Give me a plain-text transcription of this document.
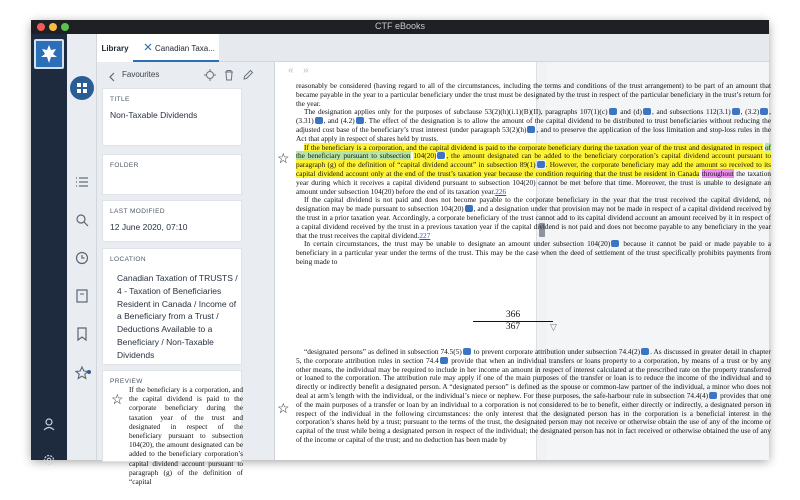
CTF eBooks
Library	Canadian Taxa...
Favourites
TITLE
Non-Taxable Dividends
FOLDER
LAST MODIFIED
12 June 2020, 07:10
LOCATION
Canadian Taxation of TRUSTS / 4 - Taxation of Beneficiaries Resident in Canada / Income of a Beneficiary from a Trust / Deductions Available to a Beneficiary / Non-Taxable Dividends
PREVIEW
☆
If the beneficiary is a corporation, and the capital dividend is paid to the corporate beneficiary during the taxation year of the trust and designated in respect of the beneficiary pursuant to subsection 104(20), the amount designated can be added to the beneficiary corporation’s capital dividend account pursuant to paragraph (g) of the definition of “capital
« »

reasonably be considered (having regard to all of the circumstances, including the terms and conditions of the trust arrangement) to be part of an amount that became payable in the year to a particular beneficiary under the trust must be designated by the trust in respect of the particular beneficiary in the trust’s return for the year.

The designation applies only for the purposes of subclause 53(2)(h)(i.1)(B)(II), paragraphs 107(1)(c) and (d) , and subsections 112(3.1) , (3.2) , (3.31) , and (4.2) . The effect of the designation is to allow the amount of the capital dividend to be distributed to trust beneficiaries without reducing the adjusted cost base of the beneficiary’s trust interest (under paragraph 53(2)(h) , and to preserve the application of the loss limitation and stop-loss rules in the Act that apply in respect of shares held by trusts.

If the beneficiary is a corporation, and the capital dividend is paid to the corporate beneficiary during the taxation year of the trust and designated in respect of the beneficiary pursuant to subsection 104(20) , the amount designated can be added to the beneficiary corporation’s capital dividend account pursuant to paragraph (g) of the definition of “capital dividend account” in subsection 89(1) . However, the corporate beneficiary may add the amount so received to its capital dividend account only at the end of the trust’s taxation year because the condition requiring that the trust be resident in Canada throughout the taxation year during which it receives a capital dividend pursuant to subsection 104(20) cannot be met before that time. Moreover, the trust is unable to designate an amount under subsection 104(20) before the end of its taxation year.226

If the capital dividend is not paid and does not become payable to the corporate beneficiary in the year that the trust received the capital dividend, no designation may be made pursuant to subsection 104(20) , and a designation under that provision may not be made in respect of a capital dividend received by the trust in a prior taxation year. Accordingly, a corporate beneficiary of the trust cannot add to its capital dividend account an amount received by it in respect of a capital dividend received by the trust in a previous taxation year if the capital dividend is not paid and does not become payable to any beneficiary in the year that the trust receives the capital dividend.227

In certain circumstances, the trust may be unable to designate an amount under subsection 104(20) because it cannot be paid or made payable to a beneficiary in a particular year under the terms of the trust. This may be the case when the deed of settlement of the trust specifically prohibits payments from being made to

☆
366
367	▽

“designated persons” as defined in subsection 74.5(5) to prevent corporate attribution under subsection 74.4(2) . As discussed in greater detail in chapter 5, the corporate attribution rules in section 74.4 provide that when an individual transfers or loans property to a corporation, by means of a trust or by any other means, the individual may be required to include in her income an amount in respect of interest calculated at the prescribed rate on the property transferred or loaned to the corporation. The attribution rule may apply if one of the main purposes of the transfer or loan is to reduce the income of the individual and to directly or indirectly benefit a designated person. A “designated person” is defined as the spouse or common-law partner of the individual, a minor who does not deal at arm’s length with the individual, or the individual’s niece or nephew. For these purposes, the safe-harbour rule in subsection 74.4(4) provides that one of the main purposes of a transfer or loan by an individual to a corporation is not considered to be to benefit, either directly or indirectly, a designated person in respect of the individual in the following circumstances: the only interest that the designated person has in the corporation is a beneficial interest in the corporation’s shares held by a trust; pursuant to the terms of the trust, the designated person may not receive or otherwise obtain the use of any of the income or capital of the trust while being a designated person in respect of the individual; the designated person has not in fact received or otherwise obtained the use of any of the income or capital of the trust; and no deduction has been made by

☆
